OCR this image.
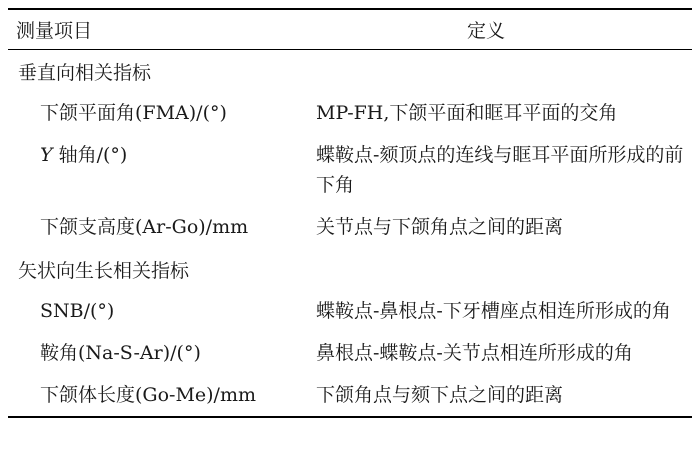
测量项目	定义
垂直向相关指标
下颌平面角(FMA)/(°)	MP-FH,下颌平面和眶耳平面的交角
Y 轴角/(°)	蝶鞍点-颏顶点的连线与眶耳平面所形成的前下角
下颌支高度(Ar-Go)/mm	关节点与下颌角点之间的距离
矢状向生长相关指标
SNB/(°)	蝶鞍点-鼻根点-下牙槽座点相连所形成的角
鞍角(Na-S-Ar)/(°)	鼻根点-蝶鞍点-关节点相连所形成的角
下颌体长度(Go-Me)/mm	下颌角点与颏下点之间的距离
